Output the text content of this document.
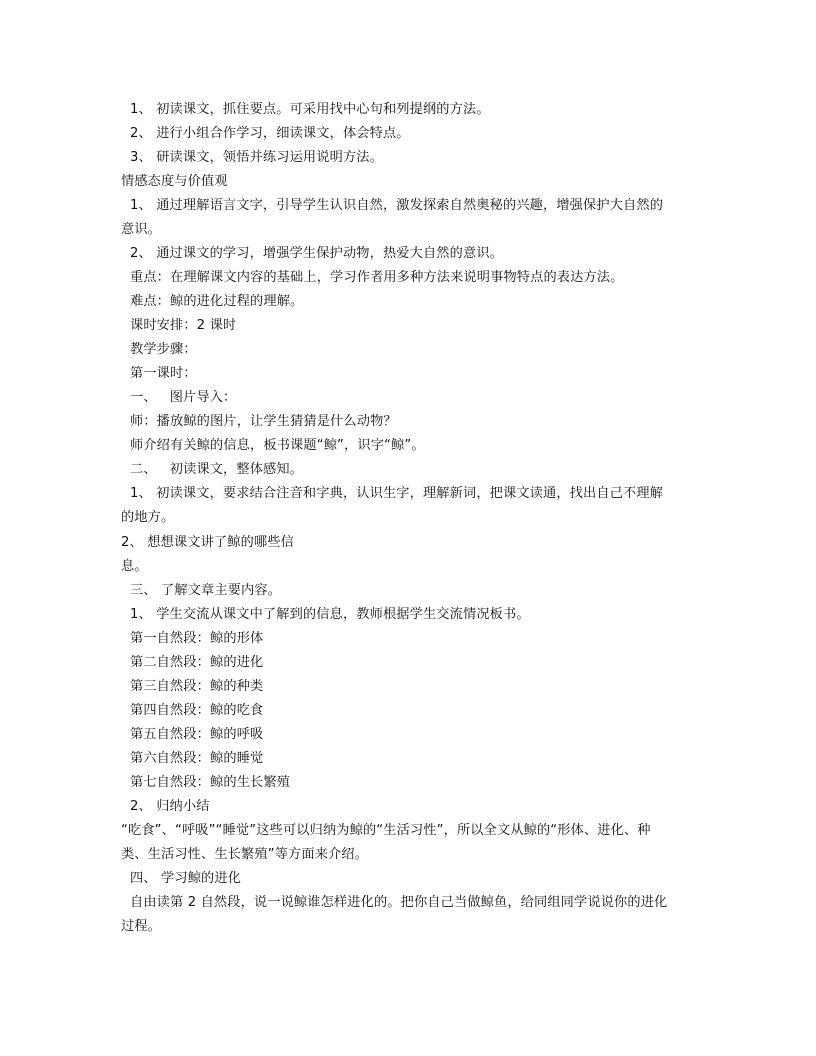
1、 初读课文，抓住要点。可采用找中心句和列提纲的方法。
2、 进行小组合作学习，细读课文，体会特点。
3、 研读课文，领悟并练习运用说明方法。
情感态度与价值观
1、 通过理解语言文字，引导学生认识自然，激发探索自然奥秘的兴趣，增强保护大自然的
意识。
2、 通过课文的学习，增强学生保护动物，热爱大自然的意识。
重点：在理解课文内容的基础上，学习作者用多种方法来说明事物特点的表达方法。
难点：鲸的进化过程的理解。
课时安排：2 课时
教学步骤：
第一课时：
一、   图片导入：
师：播放鲸的图片，让学生猜猜是什么动物？
师介绍有关鲸的信息，板书课题“鲸”，识字“鲸”。
二、   初读课文，整体感知。
1、 初读课文，要求结合注音和字典，认识生字，理解新词，把课文读通，找出自己不理解
的地方。
2、 想想课文讲了鲸的哪些信
息。
三、 了解文章主要内容。
1、 学生交流从课文中了解到的信息，教师根据学生交流情况板书。
第一自然段：鲸的形体
第二自然段：鲸的进化
第三自然段：鲸的种类
第四自然段：鲸的吃食
第五自然段：鲸的呼吸
第六自然段：鲸的睡觉
第七自然段：鲸的生长繁殖
2、 归纳小结
“吃食”、“呼吸”“睡觉”这些可以归纳为鲸的“生活习性”，所以全文从鲸的“形体、进化、种
类、生活习性、生长繁殖”等方面来介绍。
四、 学习鲸的进化
自由读第 2 自然段，说一说鲸谁怎样进化的。把你自己当做鲸鱼，给同组同学说说你的进化
过程。
